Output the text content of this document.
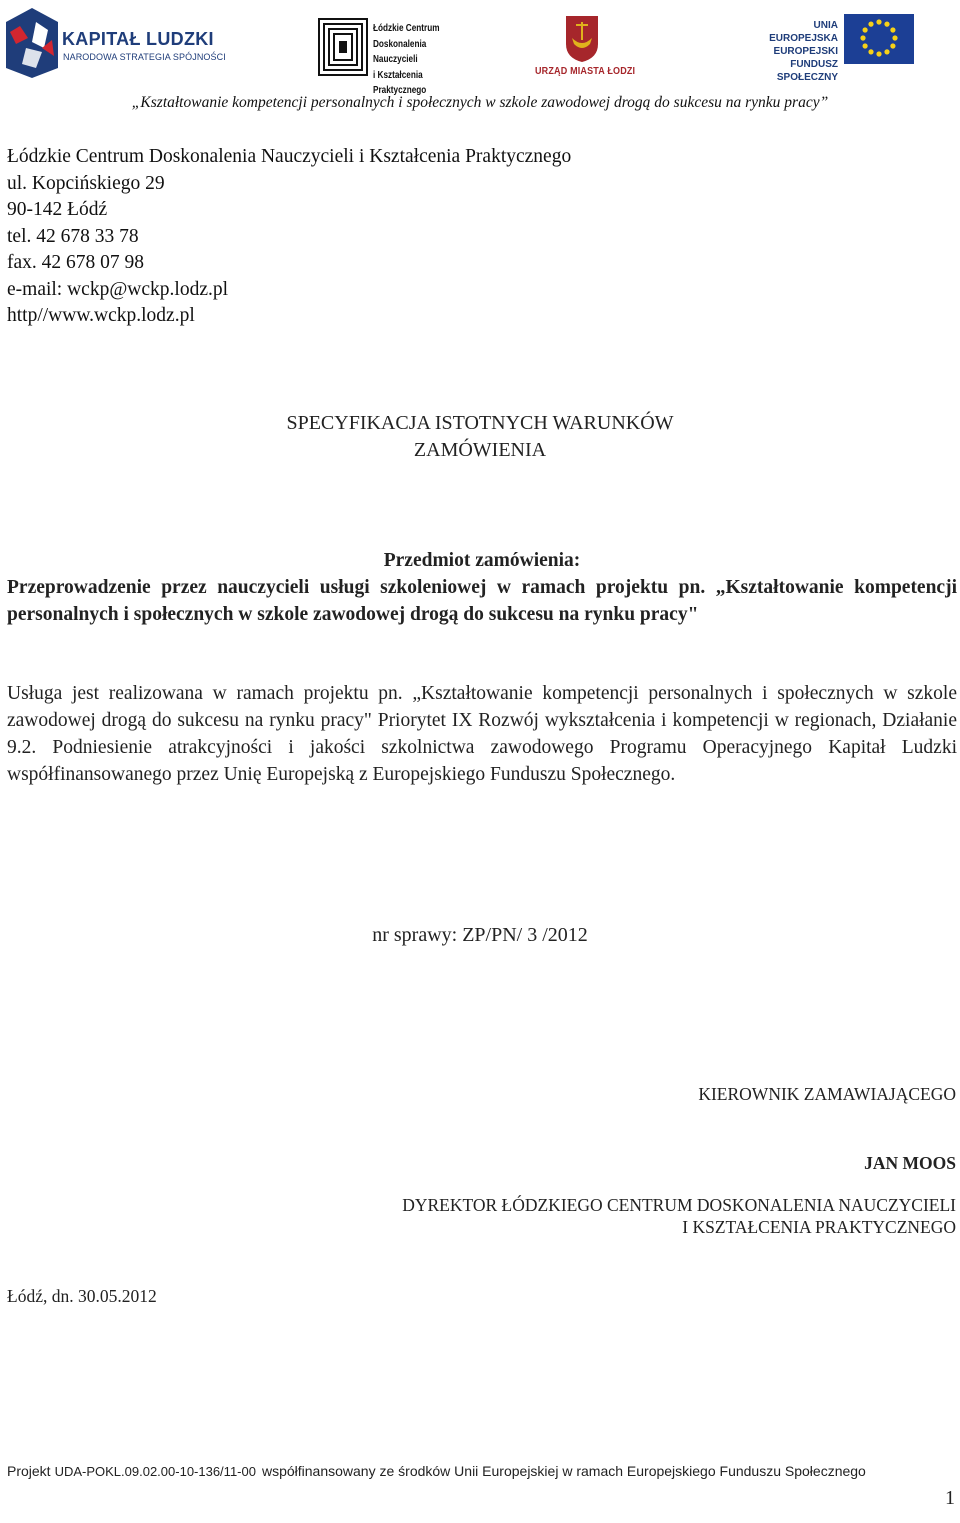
KAPITAŁ LUDZKI
NARODOWA STRATEGIA SPÓJNOŚCI
Łódzkie Centrum
Doskonalenia Nauczycieli
i Kształcenia Praktycznego
URZĄD MIASTA ŁODZI
UNIA EUROPEJSKA
EUROPEJSKI
FUNDUSZ SPOŁECZNY
„Kształtowanie kompetencji personalnych i społecznych w szkole zawodowej drogą do sukcesu na rynku pracy”
Łódzkie Centrum Doskonalenia Nauczycieli i Kształcenia Praktycznego
ul. Kopcińskiego 29
90-142 Łódź
tel. 42 678 33 78
fax. 42 678 07 98
e-mail: wckp@wckp.lodz.pl
http//www.wckp.lodz.pl
SPECYFIKACJA ISTOTNYCH WARUNKÓW
ZAMÓWIENIA
Przedmiot zamówienia:
Przeprowadzenie przez nauczycieli usługi szkoleniowej w ramach projektu pn. „Kształtowanie kompetencji personalnych i społecznych w szkole zawodowej drogą do sukcesu na rynku pracy"
Usługa jest realizowana w ramach projektu pn. „Kształtowanie kompetencji personalnych i społecznych w szkole zawodowej drogą do sukcesu na rynku pracy" Priorytet IX Rozwój wykształcenia i kompetencji w regionach, Działanie 9.2. Podniesienie atrakcyjności i jakości szkolnictwa zawodowego Programu Operacyjnego Kapitał Ludzki współfinansowanego przez Unię Europejską z Europejskiego Funduszu Społecznego.
nr sprawy: ZP/PN/ 3 /2012
KIEROWNIK ZAMAWIAJĄCEGO
JAN MOOS
DYREKTOR ŁÓDZKIEGO CENTRUM DOSKONALENIA NAUCZYCIELI
I KSZTAŁCENIA PRAKTYCZNEGO
Łódź, dn. 30.05.2012
Projekt UDA-POKL.09.02.00-10-136/11-00 współfinansowany ze środków Unii Europejskiej w ramach Europejskiego Funduszu Społecznego
1
